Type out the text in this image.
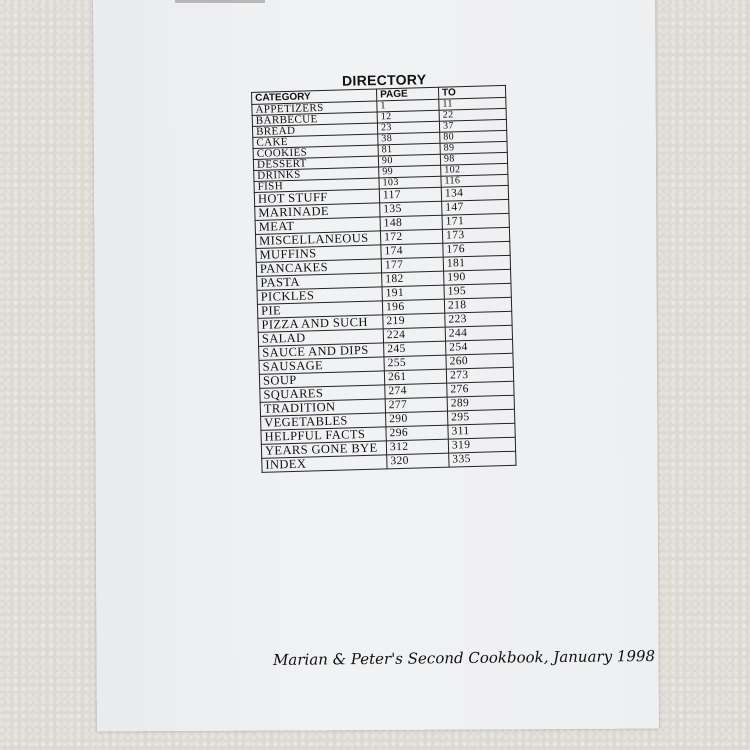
DIRECTORY
CATEGORY	PAGE	TO
APPETIZERS	1	11
BARBECUE	12	22
BREAD	23	37
CAKE	38	80
COOKIES	81	89
DESSERT	90	98
DRINKS	99	102
FISH	103	116
HOT STUFF	117	134
MARINADE	135	147
MEAT	148	171
MISCELLANEOUS	172	173
MUFFINS	174	176
PANCAKES	177	181
PASTA	182	190
PICKLES	191	195
PIE	196	218
PIZZA AND SUCH	219	223
SALAD	224	244
SAUCE AND DIPS	245	254
SAUSAGE	255	260
SOUP	261	273
SQUARES	274	276
TRADITION	277	289
VEGETABLES	290	295
HELPFUL FACTS	296	311
YEARS GONE BYE	312	319
INDEX	320	335
Marian & Peter's Second Cookbook, January 1998
